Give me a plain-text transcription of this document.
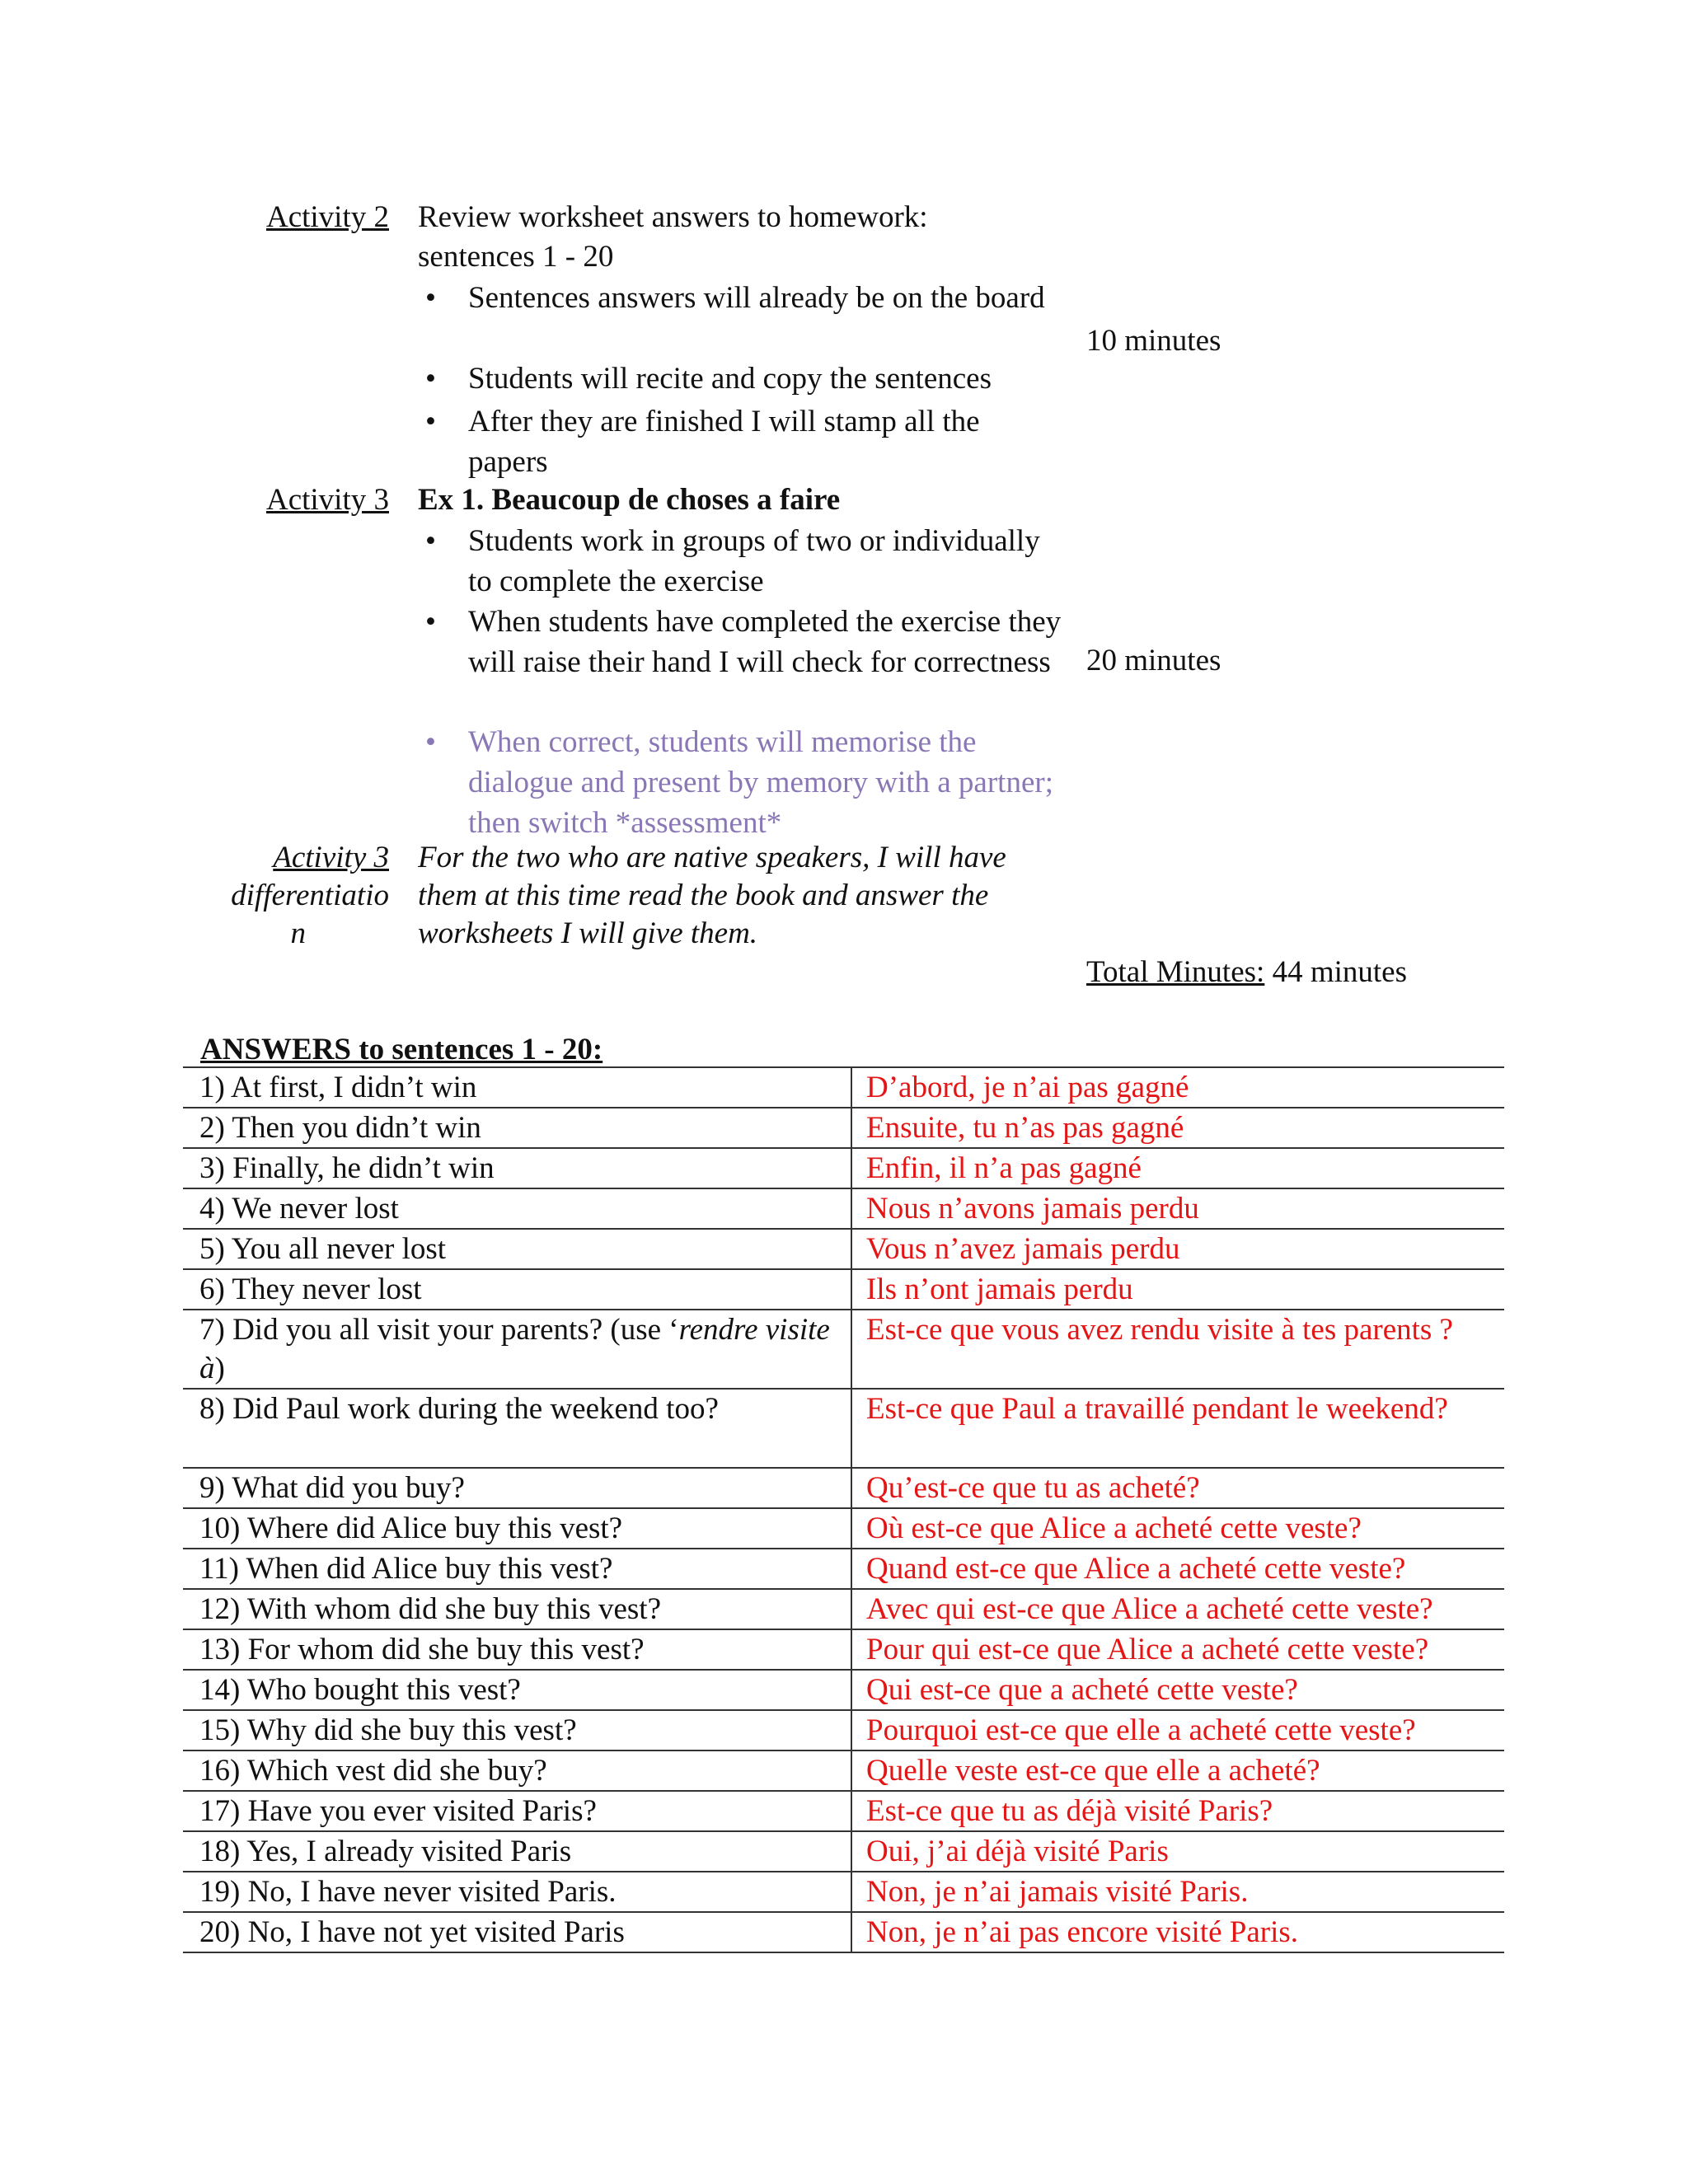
Activity 2 Review worksheet answers to homework:
sentences 1 - 20
• Sentences answers will already be on the board
• Students will recite and copy the sentences
• After they are finished I will stamp all the papers
10 minutes
Activity 3 Ex 1. Beaucoup de choses a faire
• Students work in groups of two or individually to complete the exercise
• When students have completed the exercise they will raise their hand I will check for correctness
• When correct, students will memorise the dialogue and present by memory with a partner; then switch *assessment*
20 minutes
Activity 3
differentiatio
n
For the two who are native speakers, I will have them at this time read the book and answer the worksheets I will give them.
Total Minutes: 44 minutes
ANSWERS to sentences 1 - 20:
1) At first, I didn’t win	D’abord, je n’ai pas gagné
2) Then you didn’t win	Ensuite, tu n’as pas gagné
3) Finally, he didn’t win	Enfin, il n’a pas gagné
4) We never lost	Nous n’avons jamais perdu
5) You all never lost	Vous n’avez jamais perdu
6) They never lost	Ils n’ont jamais perdu
7) Did you all visit your parents? (use ‘rendre visite à)	Est-ce que vous avez rendu visite à tes parents ?
8) Did Paul work during the weekend too?	Est-ce que Paul a travaillé pendant le weekend?
9) What did you buy?	Qu’est-ce que tu as acheté?
10) Where did Alice buy this vest?	Où est-ce que Alice a acheté cette veste?
11) When did Alice buy this vest?	Quand est-ce que Alice a acheté cette veste?
12) With whom did she buy this vest?	Avec qui est-ce que Alice a acheté cette veste?
13) For whom did she buy this vest?	Pour qui est-ce que Alice a acheté cette veste?
14) Who bought this vest?	Qui est-ce que a acheté cette veste?
15) Why did she buy this vest?	Pourquoi est-ce que elle a acheté cette veste?
16) Which vest did she buy?	Quelle veste est-ce que elle a acheté?
17) Have you ever visited Paris?	Est-ce que tu as déjà visité Paris?
18) Yes, I already visited Paris	Oui, j’ai déjà visité Paris
19) No, I have never visited Paris.	Non, je n’ai jamais visité Paris.
20) No, I have not yet visited Paris	Non, je n’ai pas encore visité Paris.
